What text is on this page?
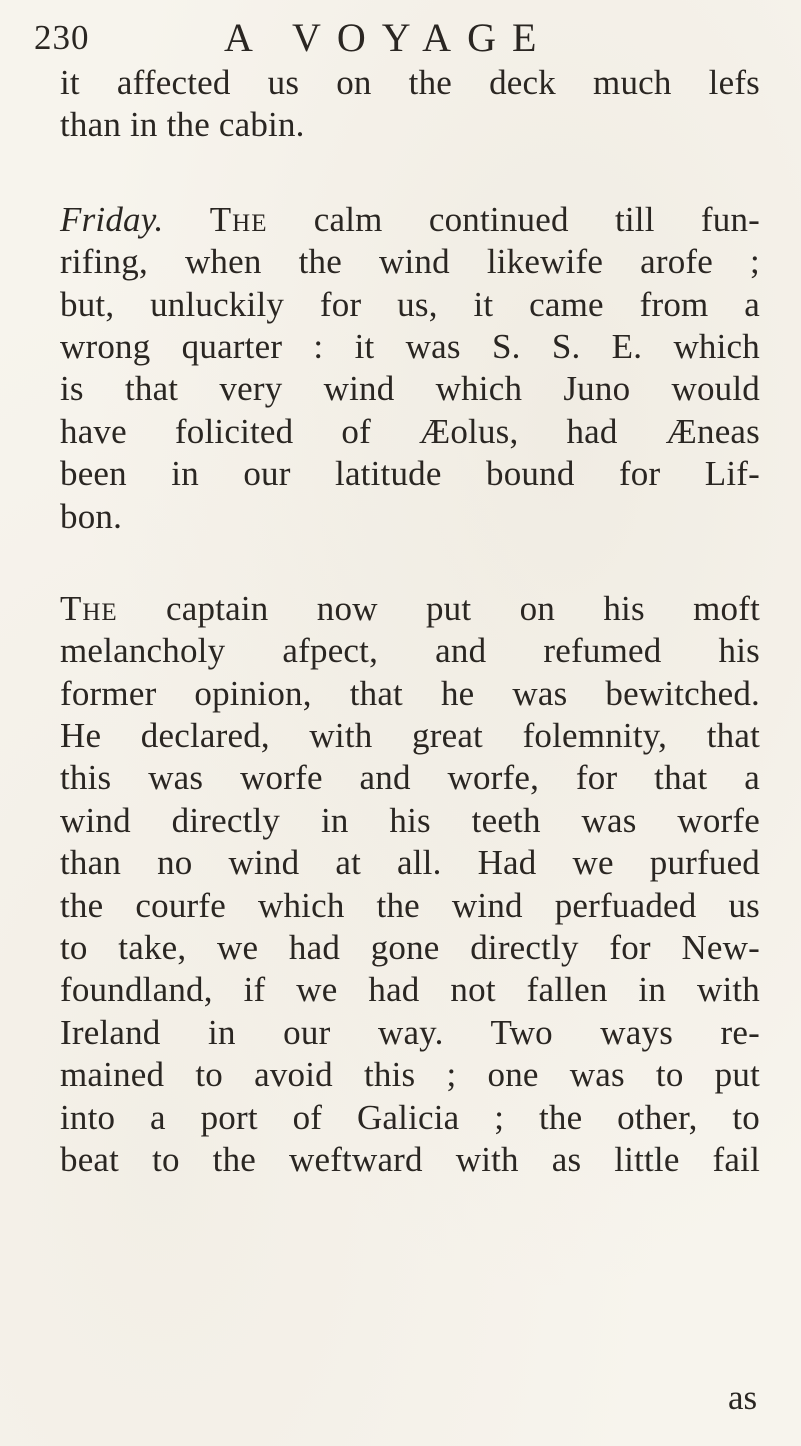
230	A VOYAGE
it affected us on the deck much lefs
than in the cabin.
Friday. The calm continued till fun-
rifing, when the wind likewife arofe ;
but, unluckily for us, it came from a
wrong quarter : it was S. S. E. which
is that very wind which Juno would
have folicited of Æolus, had Æneas
been in our latitude bound for Lif-
bon.
The captain now put on his moft
melancholy afpect, and refumed his
former opinion, that he was bewitched.
He declared, with great folemnity, that
this was worfe and worfe, for that a
wind directly in his teeth was worfe
than no wind at all. Had we purfued
the courfe which the wind perfuaded us
to take, we had gone directly for New-
foundland, if we had not fallen in with
Ireland in our way. Two ways re-
mained to avoid this ; one was to put
into a port of Galicia ; the other, to
beat to the weftward with as little fail
as
